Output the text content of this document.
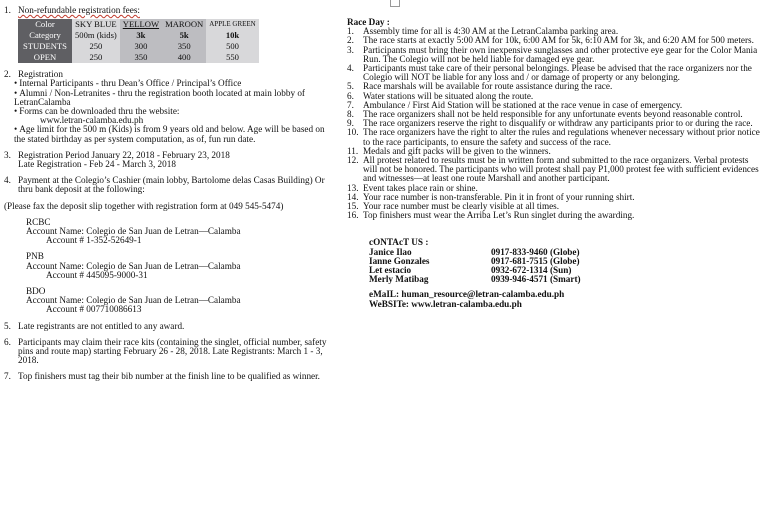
1. Non-refundable registration fees:
Color	SKY BLUE	YELLOW	MAROON	APPLE GREEN
Category	500m (kids)	3k	5k	10k
STUDENTS	250	300	350	500
OPEN	250	350	400	550
2. Registration
• Internal Participants - thru Dean’s Office / Principal’s Office
• Alumni / Non-Letranites - thru the registration booth located at main lobby of LetranCalamba
• Forms can be downloaded thru the website:
www.letran-calamba.edu.ph
• Age limit for the 500 m (Kids) is from 9 years old and below. Age will be based on the stated birthday as per system computation, as of, fun run date.
3. Registration Period January 22, 2018 - February 23, 2018
Late Registration - Feb 24 - March 3, 2018
4. Payment at the Colegio’s Cashier (main lobby, Bartolome delas Casas Building) Or thru bank deposit at the following:
(Please fax the deposit slip together with registration form at 049 545-5474)
RCBC
Account Name: Colegio de San Juan de Letran—Calamba
Account # 1-352-52649-1
PNB
Account Name: Colegio de San Juan de Letran—Calamba
Account # 445095-9000-31
BDO
Account Name: Colegio de San Juan de Letran—Calamba
Account # 007710086613
5. Late registrants are not entitled to any award.
6. Participants may claim their race kits (containing the singlet, official number, safety pins and route map) starting February 26 - 28, 2018. Late Registrants: March 1 - 3, 2018.
7. Top finishers must tag their bib number at the finish line to be qualified as winner.
Race Day :
1. Assembly time for all is 4:30 AM at the LetranCalamba parking area.
2. The race starts at exactly 5:00 AM for 10k, 6:00 AM for 5k, 6:10 AM for 3k, and 6:20 AM for 500 meters.
3. Participants must bring their own inexpensive sunglasses and other protective eye gear for the Color Mania Run. The Colegio will not be held liable for damaged eye gear.
4. Participants must take care of their personal belongings. Please be advised that the race organizers nor the Colegio will NOT be liable for any loss and / or damage of property or any belonging.
5. Race marshals will be available for route assistance during the race.
6. Water stations will be situated along the route.
7. Ambulance / First Aid Station will be stationed at the race venue in case of emergency.
8. The race organizers shall not be held responsible for any unfortunate events beyond reasonable control.
9. The race organizers reserve the right to disqualify or withdraw any participants prior to or during the race.
10. The race organizers have the right to alter the rules and regulations whenever necessary without prior notice to the race participants, to ensure the safety and success of the race.
11. Medals and gift packs will be given to the winners.
12. All protest related to results must be in written form and submitted to the race organizers. Verbal protests will not be honored. The participants who will protest shall pay P1,000 protest fee with sufficient evidences and witnesses—at least one route Marshall and another participant.
13. Event takes place rain or shine.
14. Your race number is non-transferable. Pin it in front of your running shirt.
15. Your race number must be clearly visible at all times.
16. Top finishers must wear the Arriba Let’s Run singlet during the awarding.
cONTAcT US :
Janice Ilao	0917-833-9460 (Globe)
Ianne Gonzales	0917-681-7515 (Globe)
Let estacio	0932-672-1314 (Sun)
Merly Matibag	0939-946-4571 (Smart)
eMaIL: human_resource@letran-calamba.edu.ph
WeBSITe: www.letran-calamba.edu.ph
